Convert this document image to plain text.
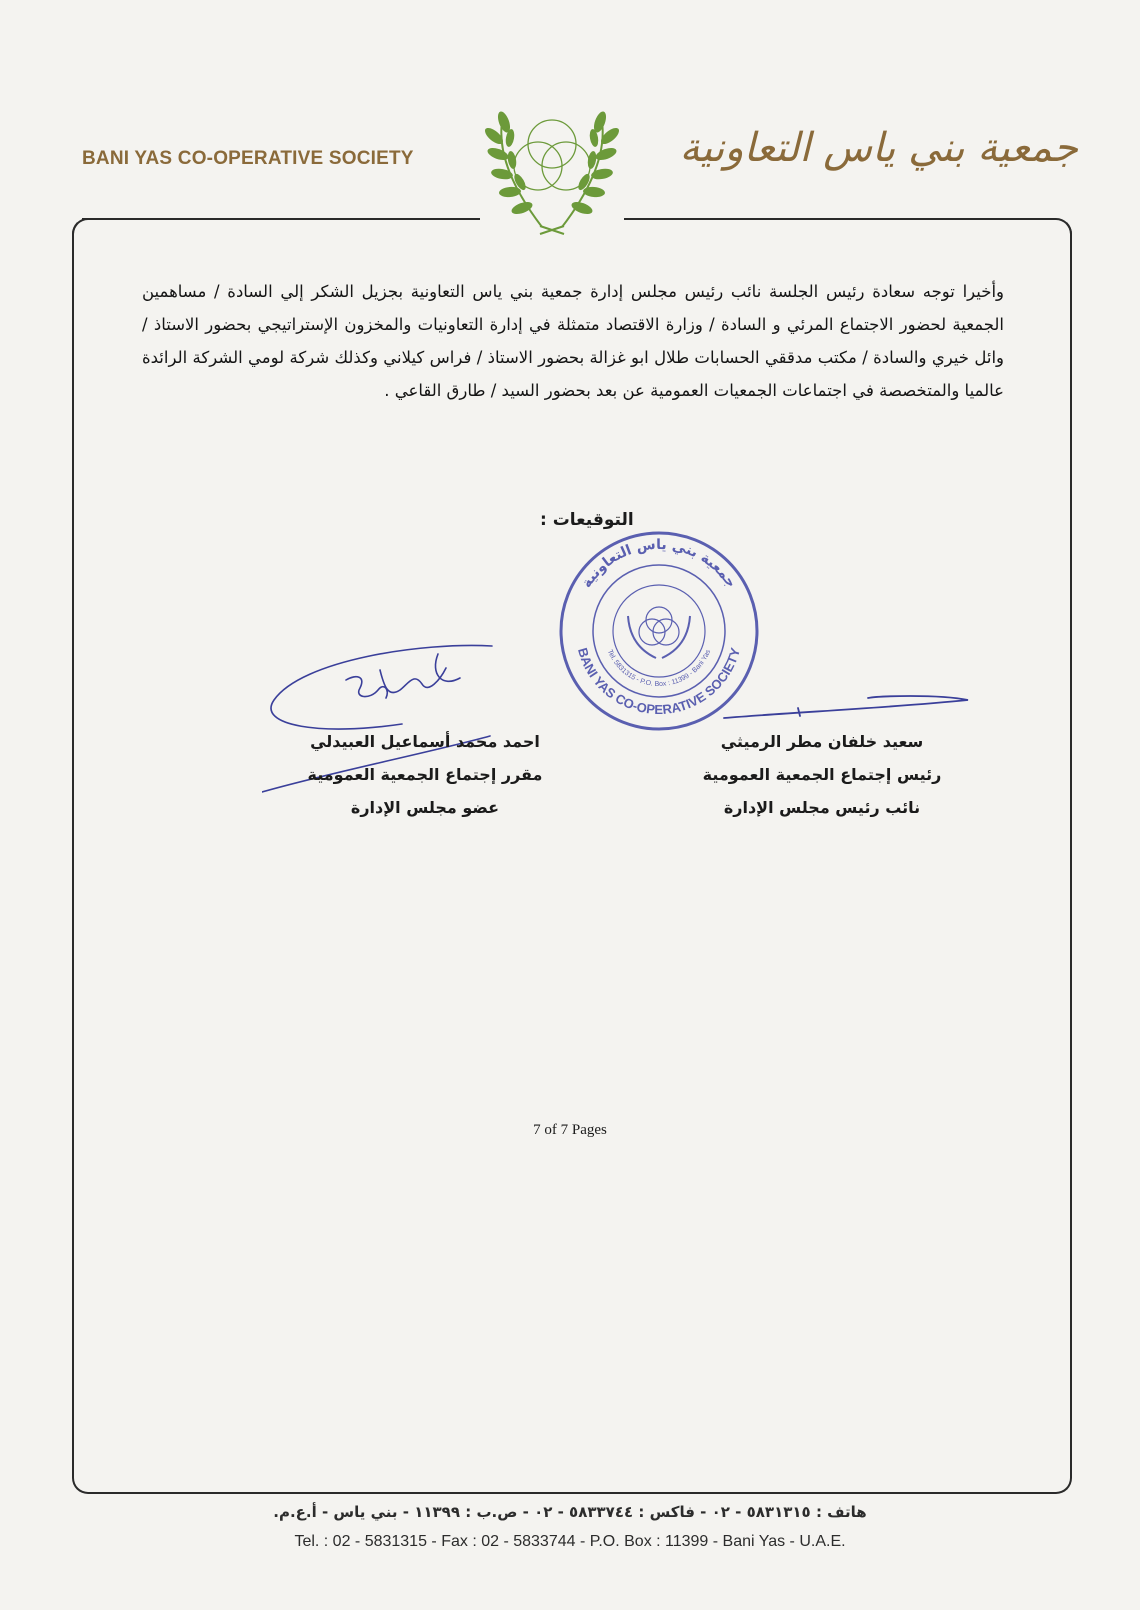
BANI YAS CO-OPERATIVE SOCIETY	جمعية بني ياس التعاونية

وأخيرا توجه سعادة رئيس الجلسة نائب رئيس مجلس إدارة جمعية بني ياس التعاونية بجزيل الشكر إلي السادة / مساهمين الجمعية لحضور الاجتماع المرئي و السادة / وزارة الاقتصاد متمثلة في إدارة التعاونيات والمخزون الإستراتيجي بحضور الاستاذ / وائل خيري والسادة / مكتب مدققي الحسابات طلال ابو غزالة بحضور الاستاذ / فراس كيلاني وكذلك شركة لومي الشركة الرائدة عالميا والمتخصصة في اجتماعات الجمعيات العمومية عن بعد بحضور السيد / طارق القاعي .

التوقيعات :
جمعية بني ياس التعاونية
BANI YAS CO-OPERATIVE SOCIETY
Tel. 5831315 - P.O. Box : 11399 - Bani Yas
احمد محمد أسماعيل العبيدلي
مقرر إجتماع الجمعية العمومية
عضو مجلس الإدارة
سعيد خلفان مطر الرميثي
رئيس إجتماع الجمعية العمومية
نائب رئيس مجلس الإدارة
7 of 7 Pages
هاتف : ٥٨٣١٣١٥ - ٠٢ - فاكس : ٥٨٣٣٧٤٤ - ٠٢ - ص.ب : ١١٣٩٩ - بني ياس - أ.ع.م.
Tel. : 02 - 5831315 - Fax : 02 - 5833744 - P.O. Box : 11399 - Bani Yas - U.A.E.
